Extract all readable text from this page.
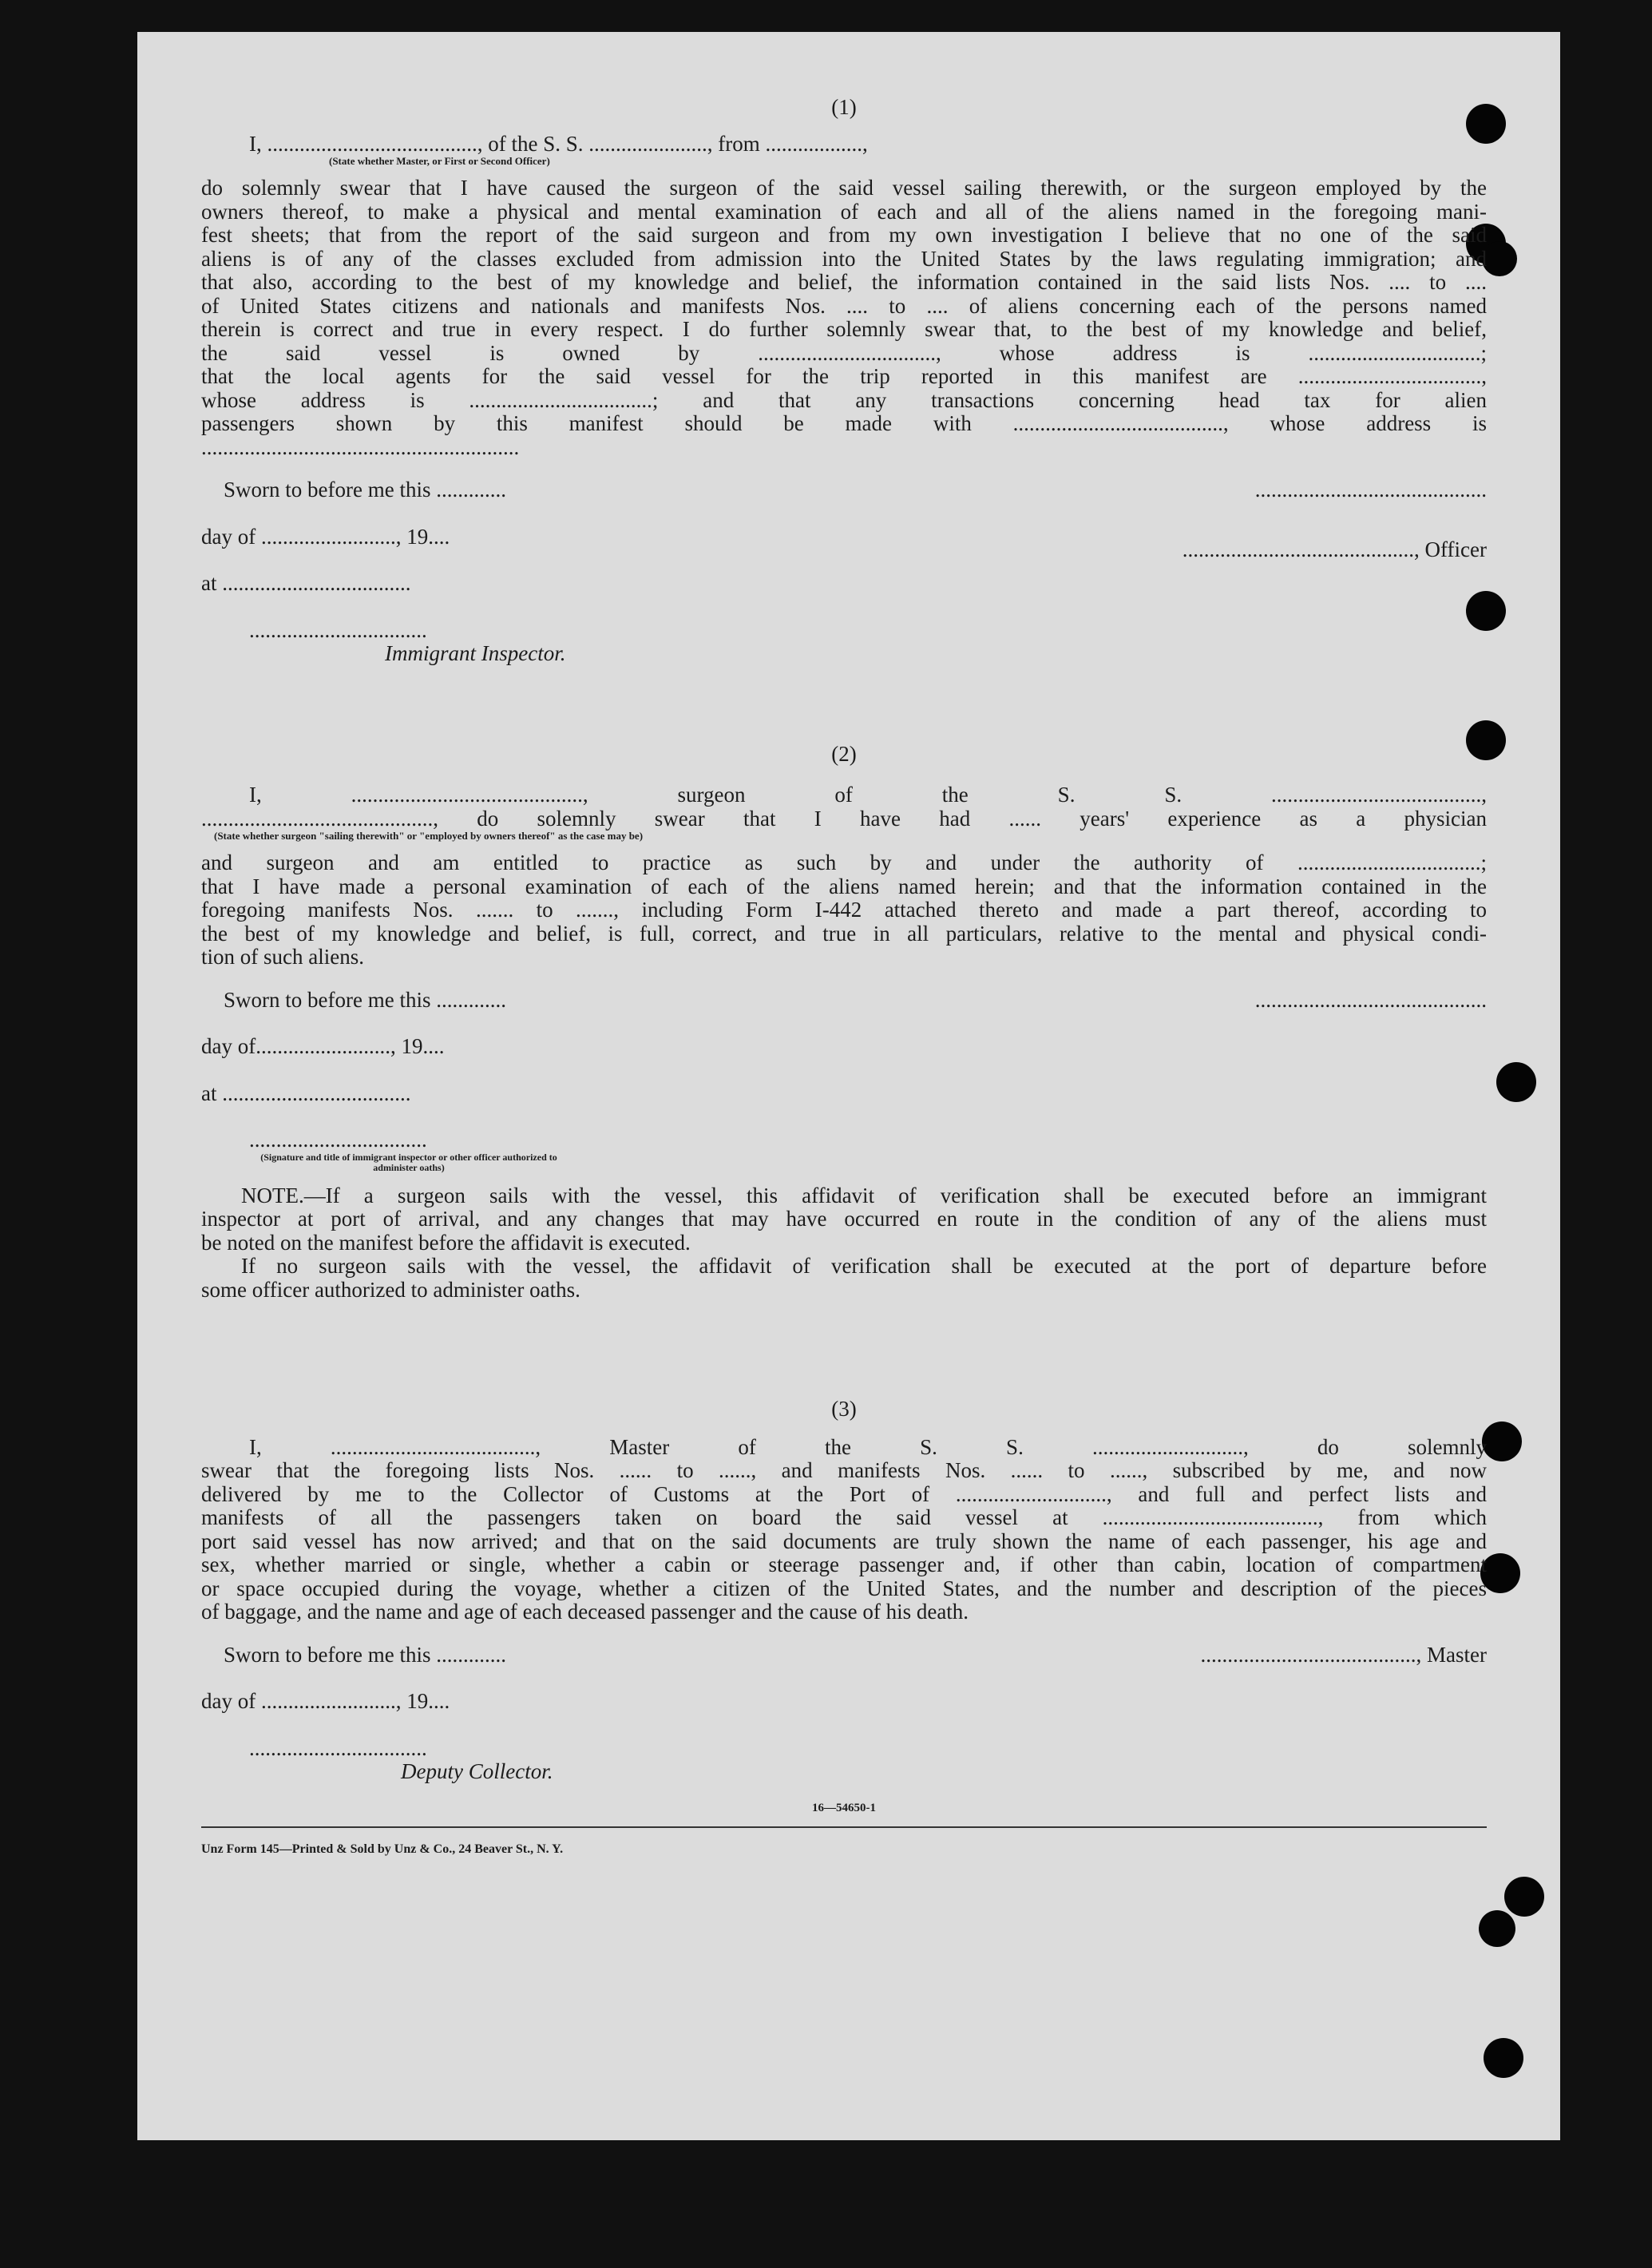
(1)

I, ......................................., of the S. S. ......................, from ..................,

(State whether Master, or First or Second Officer)

do solemnly swear that I have caused the surgeon of the said vessel sailing therewith, or the surgeon employed by the

owners thereof, to make a physical and mental examination of each and all of the aliens named in the foregoing mani-

fest sheets; that from the report of the said surgeon and from my own investigation I believe that no one of the said

aliens is of any of the classes excluded from admission into the United States by the laws regulating immigration; and

that also, according to the best of my knowledge and belief, the information contained in the said lists Nos. .... to ....

of United States citizens and nationals and manifests Nos. .... to .... of aliens concerning each of the persons named

therein is correct and true in every respect. I do further solemnly swear that, to the best of my knowledge and belief,

the said vessel is owned by ................................., whose address is ................................;

that the local agents for the said vessel for the trip reported in this manifest are ..................................,

whose address is ..................................; and that any transactions concerning head tax for alien

passengers shown by this manifest should be made with ......................................., whose address is

...........................................................

Sworn to before me this .............	...........................................

day of ........................., 19....

..........................................., Officer

at ...................................

.................................

Immigrant Inspector.

(2)

I, ..........................................., surgeon of the S. S. .......................................,

..........................................., do solemnly swear that I have had ...... years' experience as a physician

(State whether surgeon "sailing therewith" or "employed by owners thereof" as the case may be)

and surgeon and am entitled to practice as such by and under the authority of ..................................;

that I have made a personal examination of each of the aliens named herein; and that the information contained in the

foregoing manifests Nos. ....... to ......., including Form I-442 attached thereto and made a part thereof, according to

the best of my knowledge and belief, is full, correct, and true in all particulars, relative to the mental and physical condi-

tion of such aliens.

Sworn to before me this .............	...........................................

day of........................., 19....

at ...................................

.................................

(Signature and title of immigrant inspector or other officer authorized to administer oaths)

NOTE.—If a surgeon sails with the vessel, this affidavit of verification shall be executed before an immigrant

inspector at port of arrival, and any changes that may have occurred en route in the condition of any of the aliens must

be noted on the manifest before the affidavit is executed.

If no surgeon sails with the vessel, the affidavit of verification shall be executed at the port of departure before

some officer authorized to administer oaths.

(3)

I, ......................................, Master of the S. S. ............................, do solemnly

swear that the foregoing lists Nos. ...... to ......, and manifests Nos. ...... to ......, subscribed by me, and now

delivered by me to the Collector of Customs at the Port of ............................, and full and perfect lists and

manifests of all the passengers taken on board the said vessel at ........................................, from which

port said vessel has now arrived; and that on the said documents are truly shown the name of each passenger, his age and

sex, whether married or single, whether a cabin or steerage passenger and, if other than cabin, location of compartment

or space occupied during the voyage, whether a citizen of the United States, and the number and description of the pieces

of baggage, and the name and age of each deceased passenger and the cause of his death.

Sworn to before me this .............	........................................, Master

day of ........................., 19....

.................................

Deputy Collector.

16—54650-1

Unz Form 145—Printed & Sold by Unz & Co., 24 Beaver St., N. Y.
